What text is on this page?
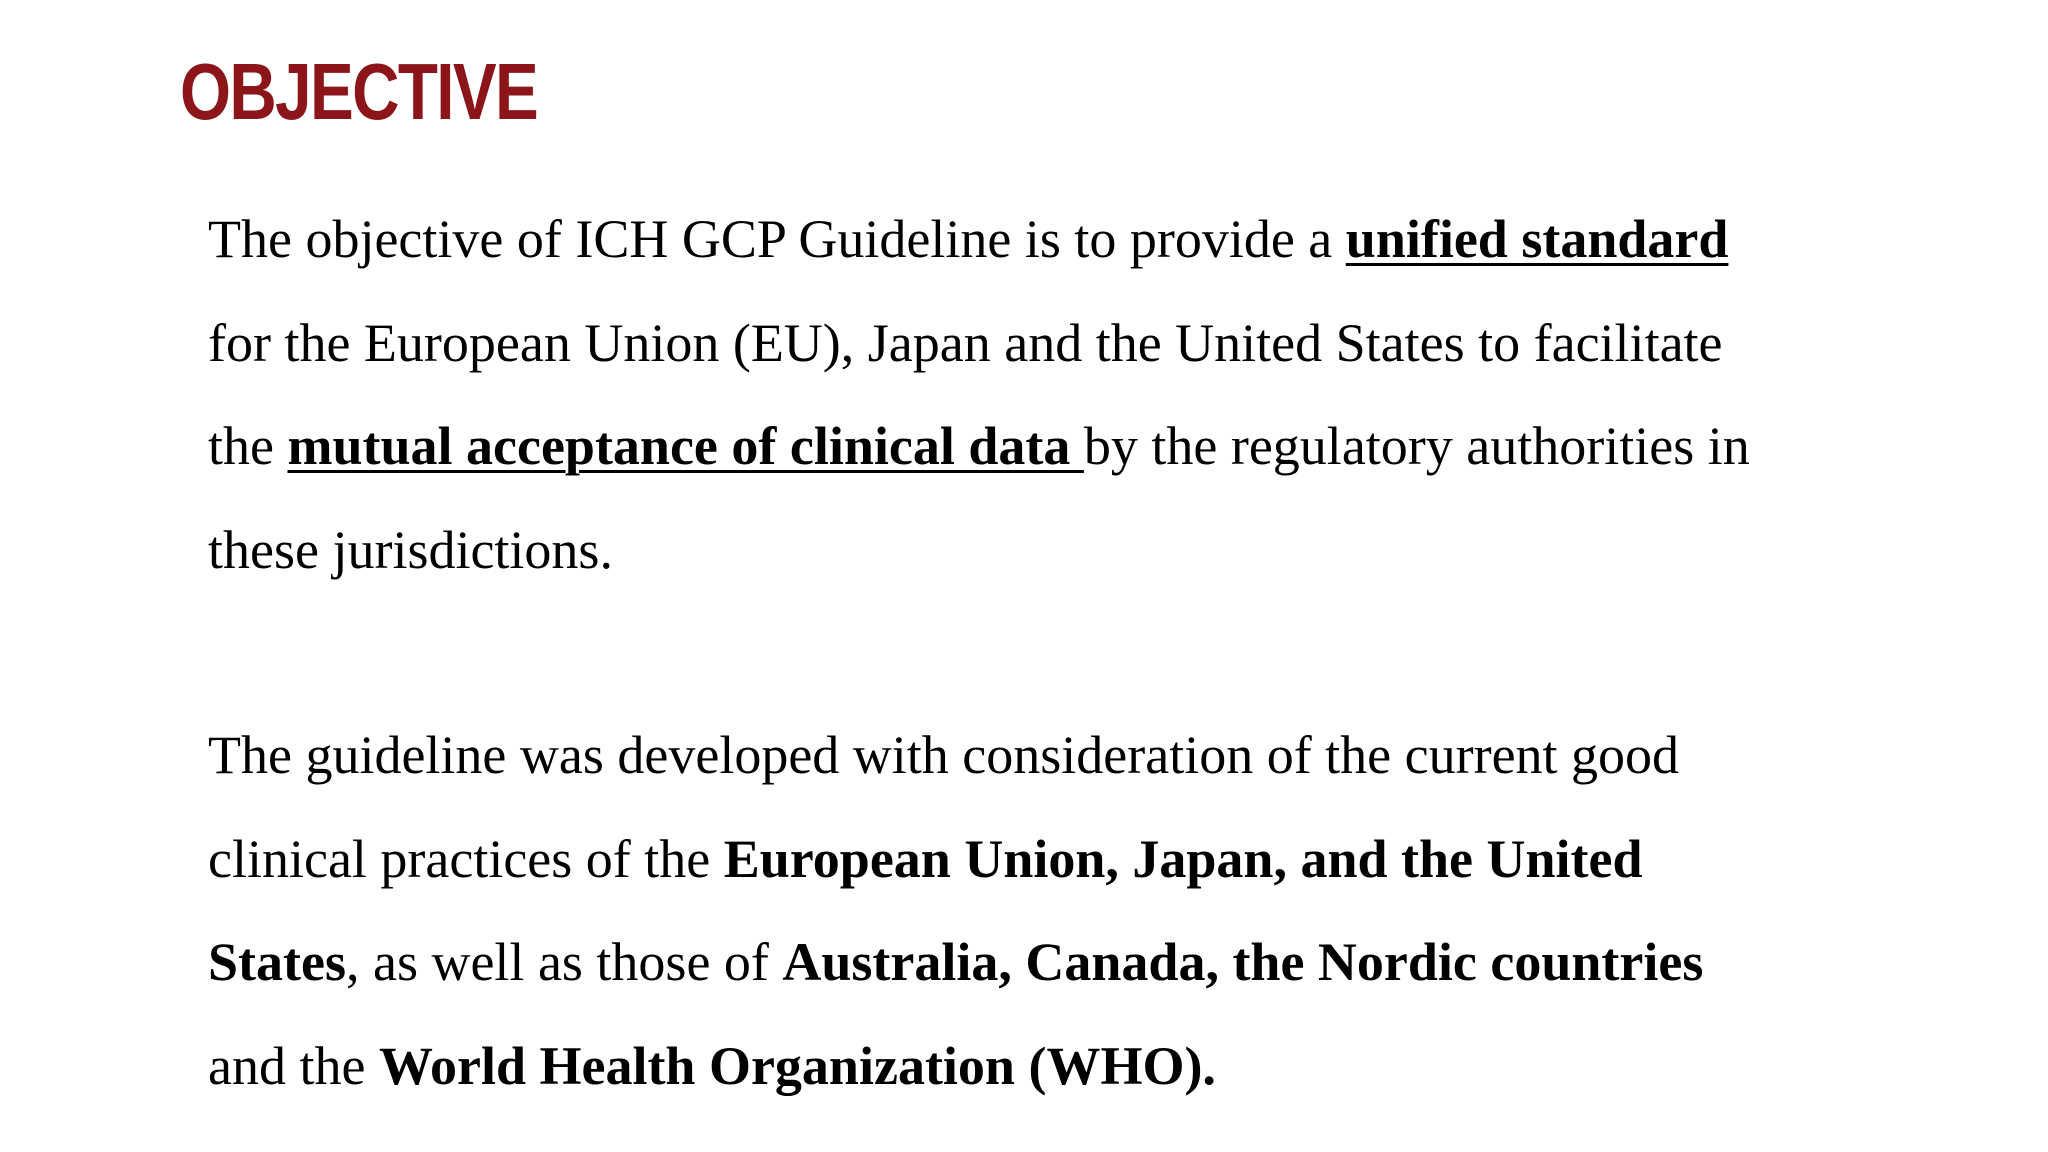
OBJECTIVE

The objective of ICH GCP Guideline is to provide a unified standard
for the European Union (EU), Japan and the United States to facilitate
the mutual acceptance of clinical data by the regulatory authorities in
these jurisdictions.

The guideline was developed with consideration of the current good
clinical practices of the European Union, Japan, and the United
States, as well as those of Australia, Canada, the Nordic countries
and the World Health Organization (WHO).
